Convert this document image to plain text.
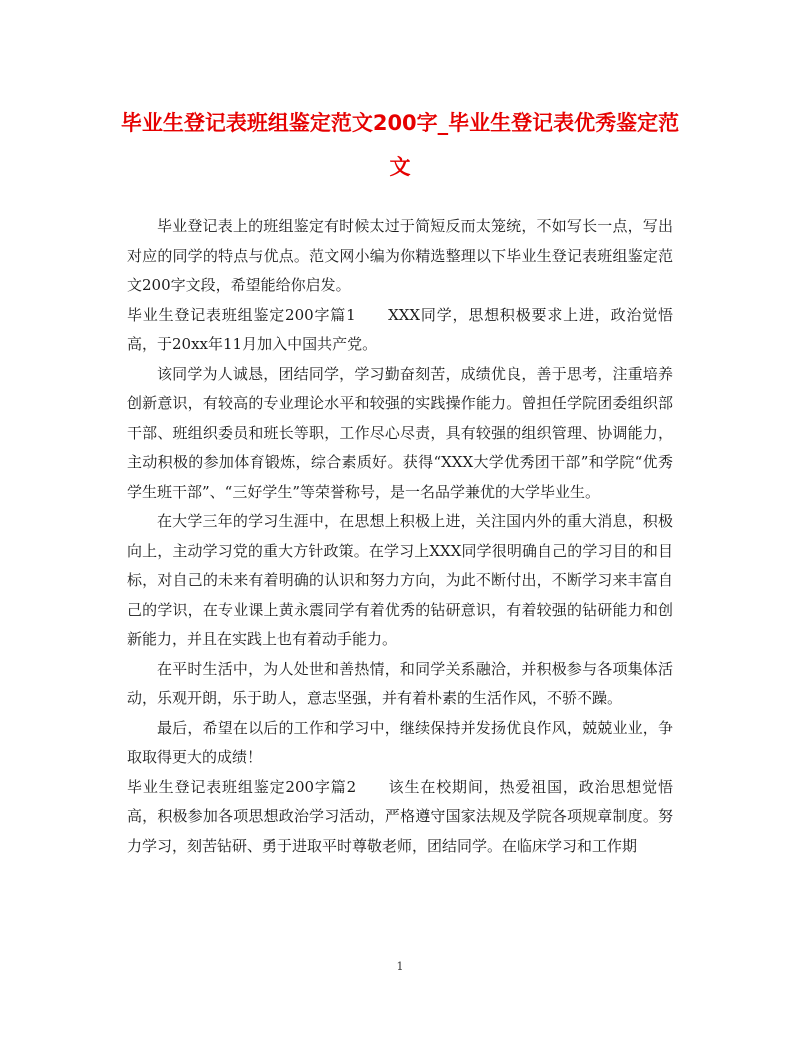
毕业生登记表班组鉴定范文200字_毕业生登记表优秀鉴定范文

毕业登记表上的班组鉴定有时候太过于简短反而太笼统，不如写长一点，写出对应的同学的特点与优点。范文网小编为你精选整理以下毕业生登记表班组鉴定范文200字文段，希望能给你启发。

毕业生登记表班组鉴定200字篇1　　XXX同学，思想积极要求上进，政治觉悟高，于20xx年11月加入中国共产党。

该同学为人诚恳，团结同学，学习勤奋刻苦，成绩优良，善于思考，注重培养创新意识，有较高的专业理论水平和较强的实践操作能力。曾担任学院团委组织部干部、班组织委员和班长等职，工作尽心尽责，具有较强的组织管理、协调能力，主动积极的参加体育锻炼，综合素质好。获得“XXX大学优秀团干部”和学院“优秀学生班干部”、“三好学生”等荣誉称号，是一名品学兼优的大学毕业生。

在大学三年的学习生涯中，在思想上积极上进，关注国内外的重大消息，积极向上，主动学习党的重大方针政策。在学习上XXX同学很明确自己的学习目的和目标，对自己的未来有着明确的认识和努力方向，为此不断付出，不断学习来丰富自己的学识，在专业课上黄永震同学有着优秀的钻研意识，有着较强的钻研能力和创新能力，并且在实践上也有着动手能力。

在平时生活中，为人处世和善热情，和同学关系融洽，并积极参与各项集体活动，乐观开朗，乐于助人，意志坚强，并有着朴素的生活作风，不骄不躁。

最后，希望在以后的工作和学习中，继续保持并发扬优良作风，兢兢业业，争取取得更大的成绩！

毕业生登记表班组鉴定200字篇2　　该生在校期间，热爱祖国，政治思想觉悟高，积极参加各项思想政治学习活动，严格遵守国家法规及学院各项规章制度。努力学习，刻苦钻研、勇于进取平时尊敬老师，团结同学。在临床学习和工作期

1
